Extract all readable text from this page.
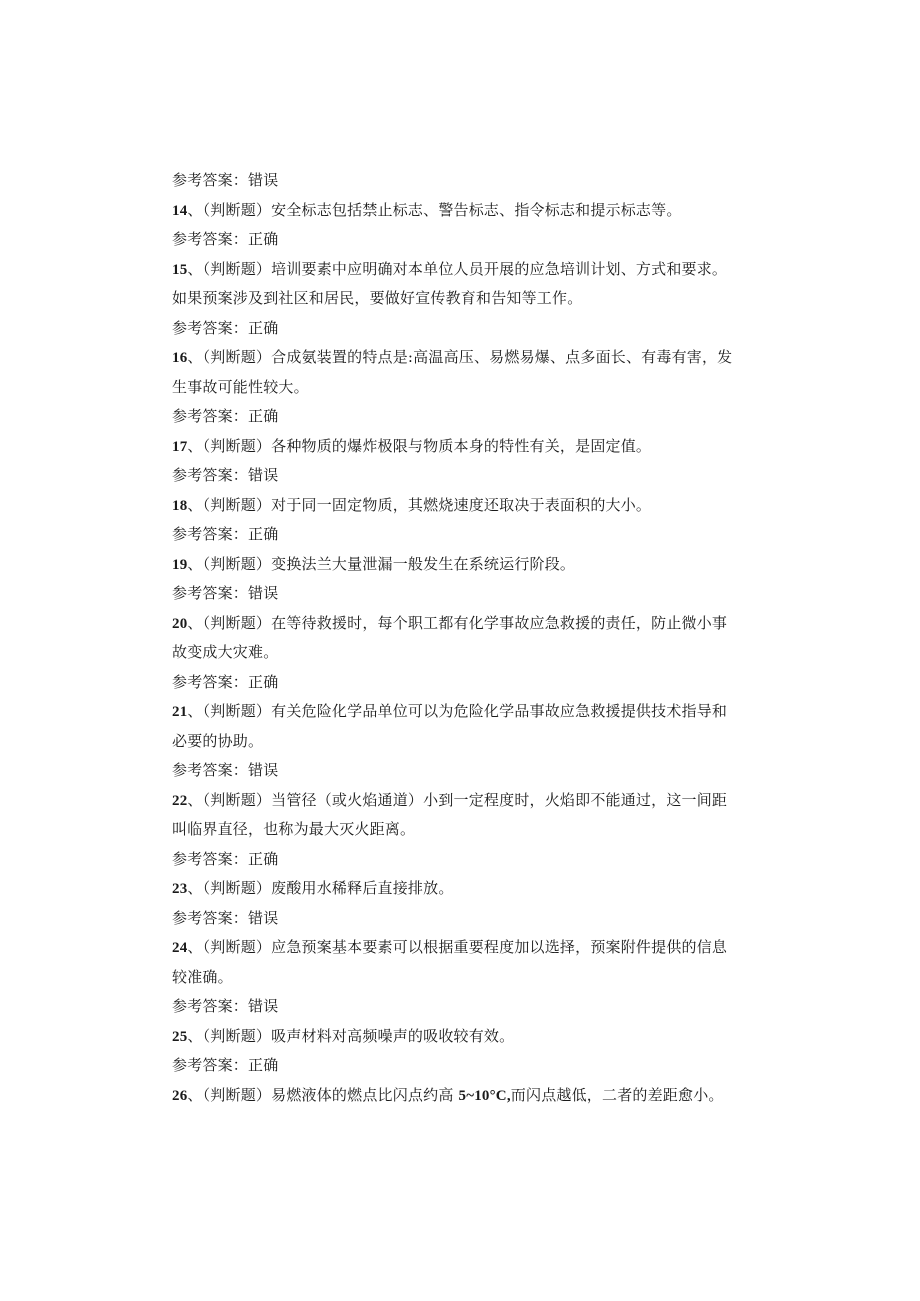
参考答案：错误
14、（判断题）安全标志包括禁止标志、警告标志、指令标志和提示标志等。
参考答案：正确
15、（判断题）培训要素中应明确对本单位人员开展的应急培训计划、方式和要求。
如果预案涉及到社区和居民，要做好宣传教育和告知等工作。
参考答案：正确
16、（判断题）合成氨装置的特点是:高温高压、易燃易爆、点多面长、有毒有害，发
生事故可能性较大。
参考答案：正确
17、（判断题）各种物质的爆炸极限与物质本身的特性有关，是固定值。
参考答案：错误
18、（判断题）对于同一固定物质，其燃烧速度还取决于表面积的大小。
参考答案：正确
19、（判断题）变换法兰大量泄漏一般发生在系统运行阶段。
参考答案：错误
20、（判断题）在等待救援时，每个职工都有化学事故应急救援的责任，防止微小事
故变成大灾难。
参考答案：正确
21、（判断题）有关危险化学品单位可以为危险化学品事故应急救援提供技术指导和
必要的协助。
参考答案：错误
22、（判断题）当管径（或火焰通道）小到一定程度时，火焰即不能通过，这一间距
叫临界直径，也称为最大灭火距离。
参考答案：正确
23、（判断题）废酸用水稀释后直接排放。
参考答案：错误
24、（判断题）应急预案基本要素可以根据重要程度加以选择，预案附件提供的信息
较准确。
参考答案：错误
25、（判断题）吸声材料对高频噪声的吸收较有效。
参考答案：正确
26、（判断题）易燃液体的燃点比闪点约高 5~10°C,而闪点越低，二者的差距愈小。
